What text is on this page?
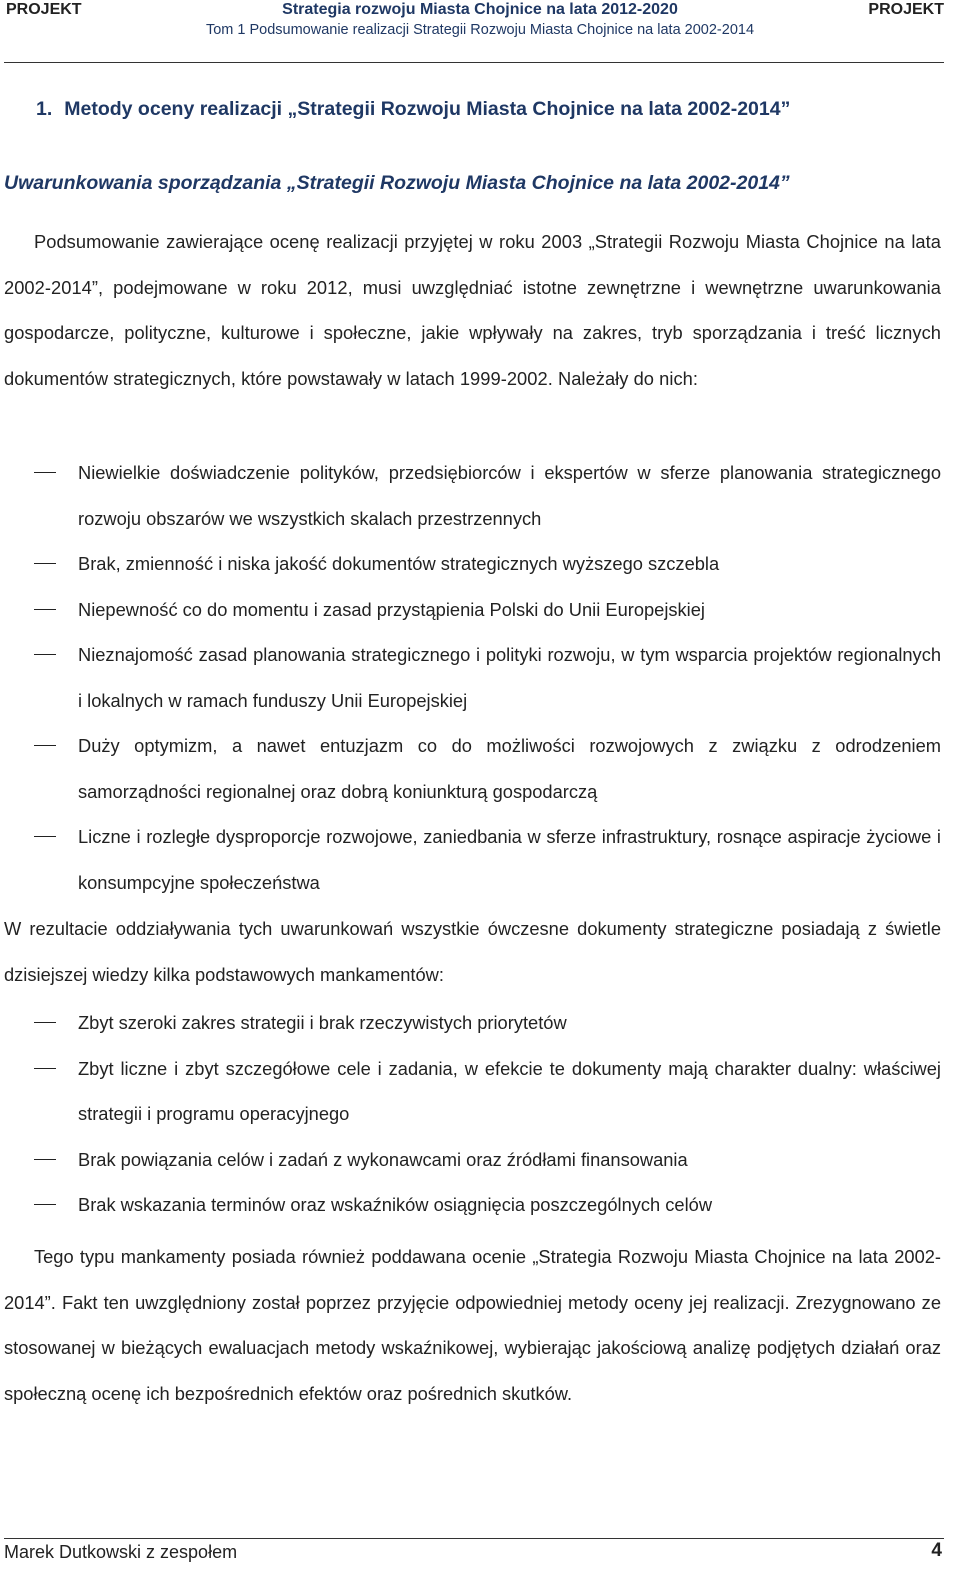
PROJEKT	Strategia rozwoju Miasta Chojnice na lata 2012-2020	PROJEKT
Tom 1 Podsumowanie realizacji Strategii Rozwoju Miasta Chojnice na lata 2002-2014
1. Metody oceny realizacji „Strategii Rozwoju Miasta Chojnice na lata 2002-2014”
Uwarunkowania sporządzania „Strategii Rozwoju Miasta Chojnice na lata 2002-2014”
Podsumowanie zawierające ocenę realizacji przyjętej w roku 2003 „Strategii Rozwoju Miasta Chojnice na lata 2002-2014”, podejmowane w roku 2012, musi uwzględniać istotne zewnętrzne i wewnętrzne uwarunkowania gospodarcze, polityczne, kulturowe i społeczne, jakie wpływały na zakres, tryb sporządzania i treść licznych dokumentów strategicznych, które powstawały w latach 1999-2002. Należały do nich:
Niewielkie doświadczenie polityków, przedsiębiorców i ekspertów w sferze planowania strategicznego rozwoju obszarów we wszystkich skalach przestrzennych
Brak, zmienność i niska jakość dokumentów strategicznych wyższego szczebla
Niepewność co do momentu i zasad przystąpienia Polski do Unii Europejskiej
Nieznajomość zasad planowania strategicznego i polityki rozwoju, w tym wsparcia projektów regionalnych i lokalnych w ramach funduszy Unii Europejskiej
Duży optymizm, a nawet entuzjazm co do możliwości rozwojowych z związku z odrodzeniem samorządności regionalnej oraz dobrą koniunkturą gospodarczą
Liczne i rozległe dysproporcje rozwojowe, zaniedbania w sferze infrastruktury, rosnące aspiracje życiowe i konsumpcyjne społeczeństwa
W rezultacie oddziaływania tych uwarunkowań wszystkie ówczesne dokumenty strategiczne posiadają z świetle dzisiejszej wiedzy kilka podstawowych mankamentów:
Zbyt szeroki zakres strategii i brak rzeczywistych priorytetów
Zbyt liczne i zbyt szczegółowe cele i zadania, w efekcie te dokumenty mają charakter dualny: właściwej strategii i programu operacyjnego
Brak powiązania celów i zadań z wykonawcami oraz źródłami finansowania
Brak wskazania terminów oraz wskaźników osiągnięcia poszczególnych celów
Tego typu mankamenty posiada również poddawana ocenie „Strategia Rozwoju Miasta Chojnice na lata 2002-2014”. Fakt ten uwzględniony został poprzez przyjęcie odpowiedniej metody oceny jej realizacji. Zrezygnowano ze stosowanej w bieżących ewaluacjach metody wskaźnikowej, wybierając jakościową analizę podjętych działań oraz społeczną ocenę ich bezpośrednich efektów oraz pośrednich skutków.
Marek Dutkowski z zespołem	4
